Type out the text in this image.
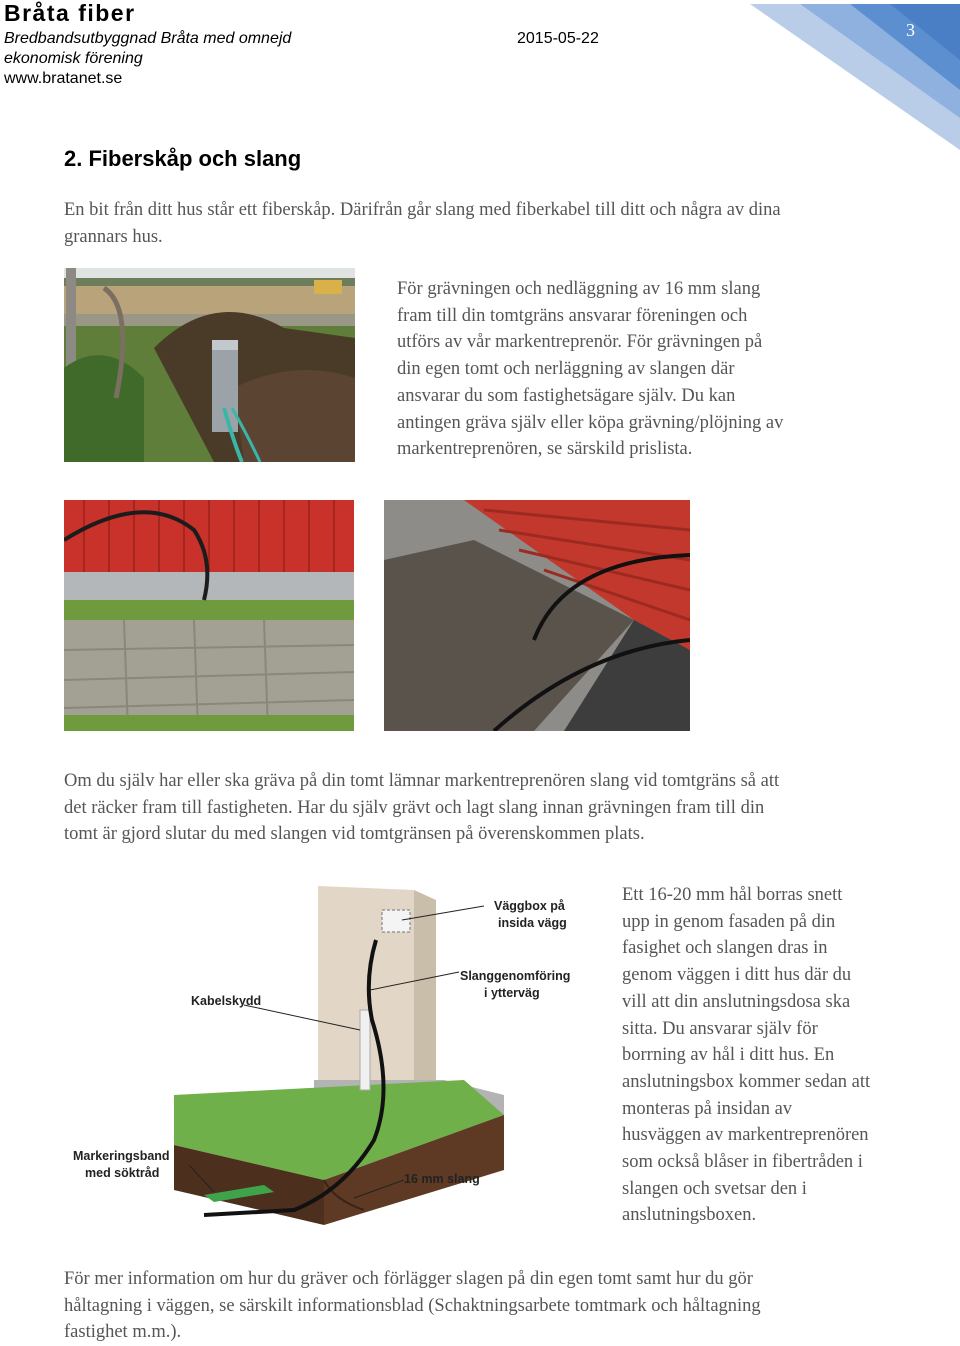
Bråta fiber
Bredbandsutbyggnad Bråta med omnejd
ekonomisk förening
www.bratanet.se
2015-05-22	3
2. Fiberskåp och slang
En bit från ditt hus står ett fiberskåp. Därifrån går slang med fiberkabel till ditt och några av dina
grannars hus.
För grävningen och nedläggning av 16 mm slang
fram till din tomtgräns ansvarar föreningen och
utförs av vår markentreprenör. För grävningen på
din egen tomt och nerläggning av slangen där
ansvarar du som fastighetsägare själv. Du kan
antingen gräva själv eller köpa grävning/plöjning av
markentreprenören, se särskild prislista.
Om du själv har eller ska gräva på din tomt lämnar markentreprenören slang vid tomtgräns så att
det räcker fram till fastigheten. Har du själv grävt och lagt slang innan grävningen fram till din
tomt är gjord slutar du med slangen vid tomtgränsen på överenskommen plats.
Väggbox på
insida vägg
Slanggenomföring
i ytterväg
Kabelskydd
Markeringsband
med söktråd	16 mm slang
Ett 16-20 mm hål borras snett
upp in genom fasaden på din
fasighet och slangen dras in
genom väggen i ditt hus där du
vill att din anslutningsdosa ska
sitta. Du ansvarar själv för
borrning av hål i ditt hus. En
anslutningsbox kommer sedan att
monteras på insidan av
husväggen av markentreprenören
som också blåser in fibertråden i
slangen och svetsar den i
anslutningsboxen.
För mer information om hur du gräver och förlägger slagen på din egen tomt samt hur du gör
håltagning i väggen, se särskilt informationsblad (Schaktningsarbete tomtmark och håltagning
fastighet m.m.).
